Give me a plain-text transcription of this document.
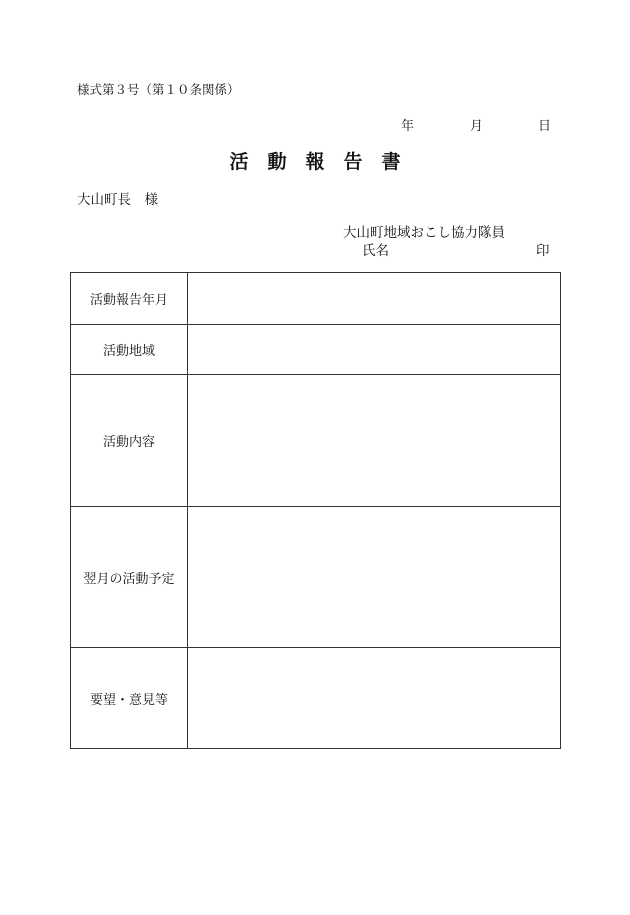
様式第３号（第１０条関係）
年	月	日
活動報告書
大山町長　様
大山町地域おこし協力隊員
氏名	印
活動報告年月	

活動地域	

活動内容	

翌月の活動予定	

要望・意見等	
